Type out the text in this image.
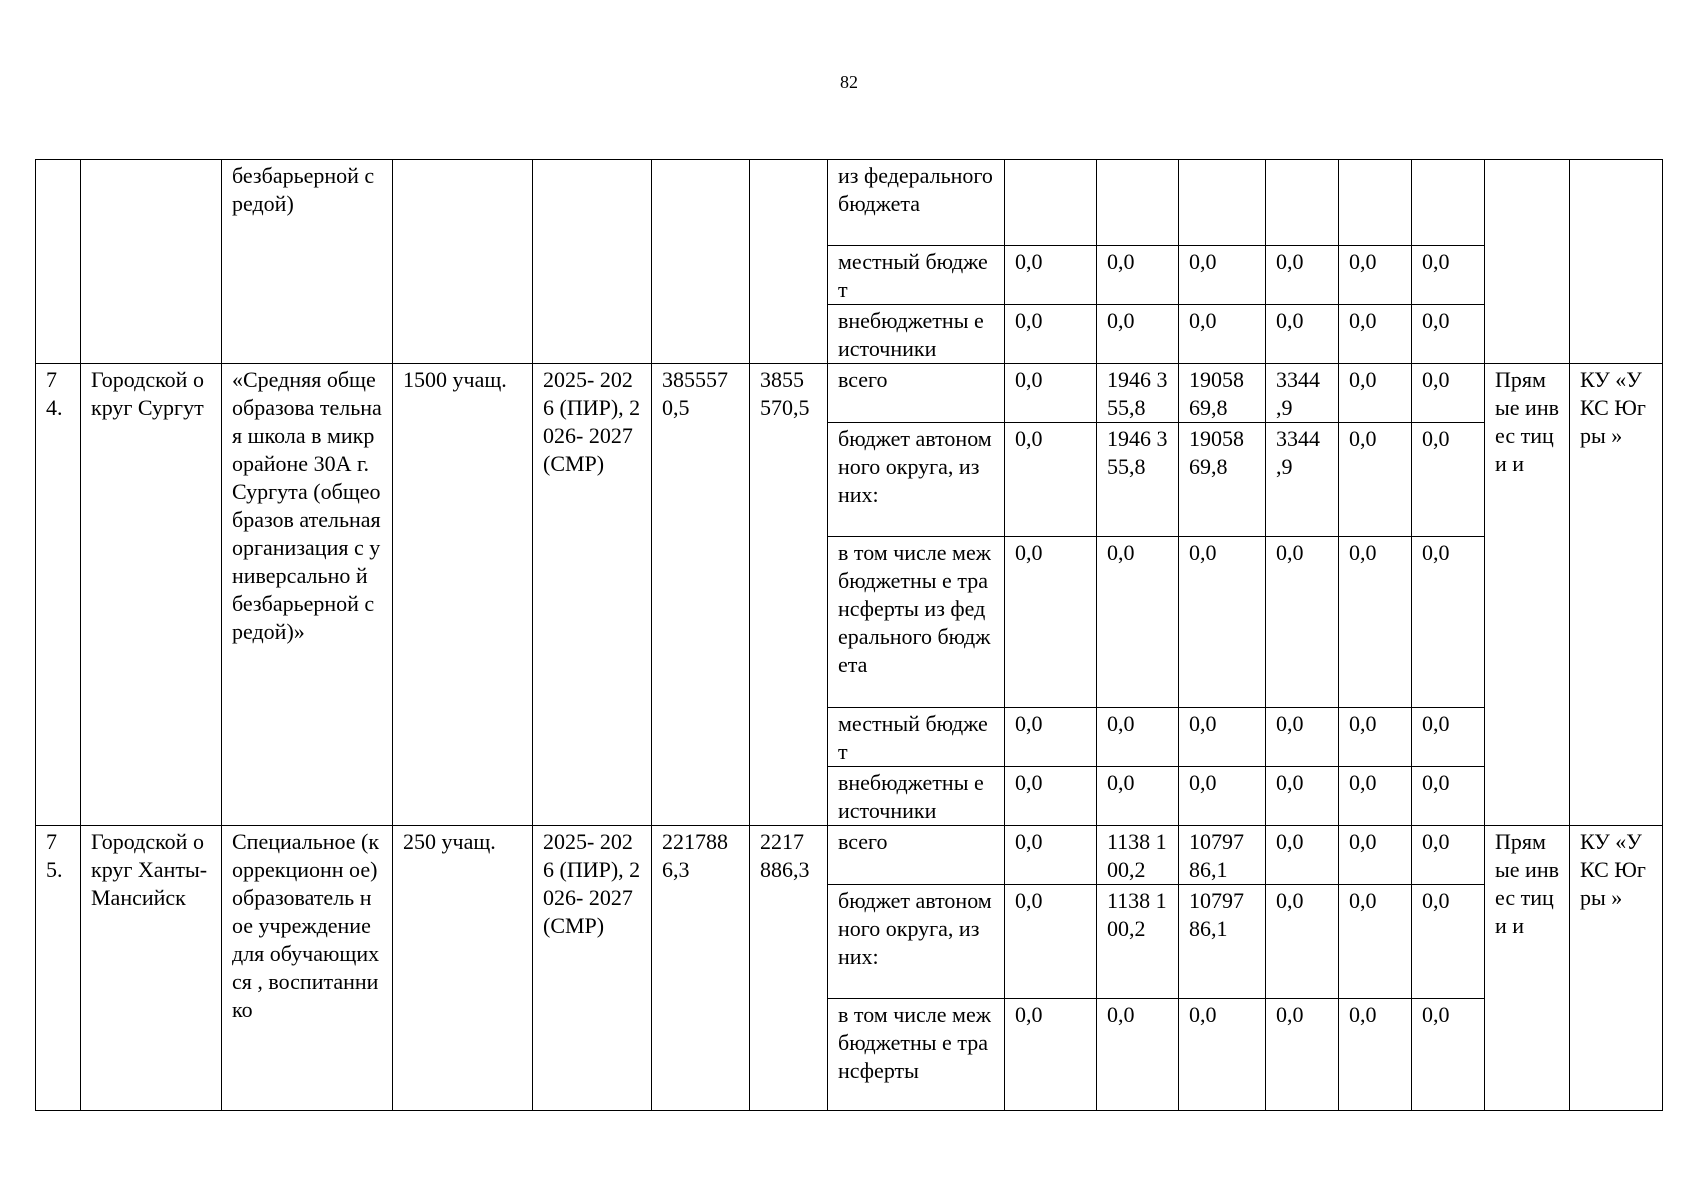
82
		безбарьерной средой)					из федерального бюджета								
							местный бюджет	0,0	0,0	0,0	0,0	0,0	0,0		
							внебюджетны е источники	0,0	0,0	0,0	0,0	0,0	0,0		
7 4.	Городской округ Сургут	«Средняя общеобразова тельная школа в микрорайоне 30А г. Сургута (общеобразов ательная организация с универсально й безбарьерной средой)»	1500 учащ.	2025- 2026 (ПИР), 2026- 2027 (СМР)	385557 0,5	3855 570,5	всего	0,0	1946 355,8	19058 69,8	3344 ,9	0,0	0,0	Прям ые инвес тици и	КУ «УКС Югры »
							бюджет автономного округа, из них:	0,0	1946 355,8	19058 69,8	3344 ,9	0,0	0,0		
							в том числе межбюджетны е трансферты из федерального бюджета	0,0	0,0	0,0	0,0	0,0	0,0		
							местный бюджет	0,0	0,0	0,0	0,0	0,0	0,0		
							внебюджетны е источники	0,0	0,0	0,0	0,0	0,0	0,0		
7 5.	Городской округ Ханты- Мансийск	Специальное (коррекционн ое) образователь ное учреждение для обучающихся , воспитаннико	250 учащ.	2025- 2026 (ПИР), 2026- 2027 (СМР)	221788 6,3	2217 886,3	всего	0,0	1138 100,2	10797 86,1	0,0	0,0	0,0	Прям ые инвес тици и	КУ «УКС Югры »
							бюджет автономного округа, из них:	0,0	1138 100,2	10797 86,1	0,0	0,0	0,0		
							в том числе межбюджетны е трансферты	0,0	0,0	0,0	0,0	0,0	0,0		
